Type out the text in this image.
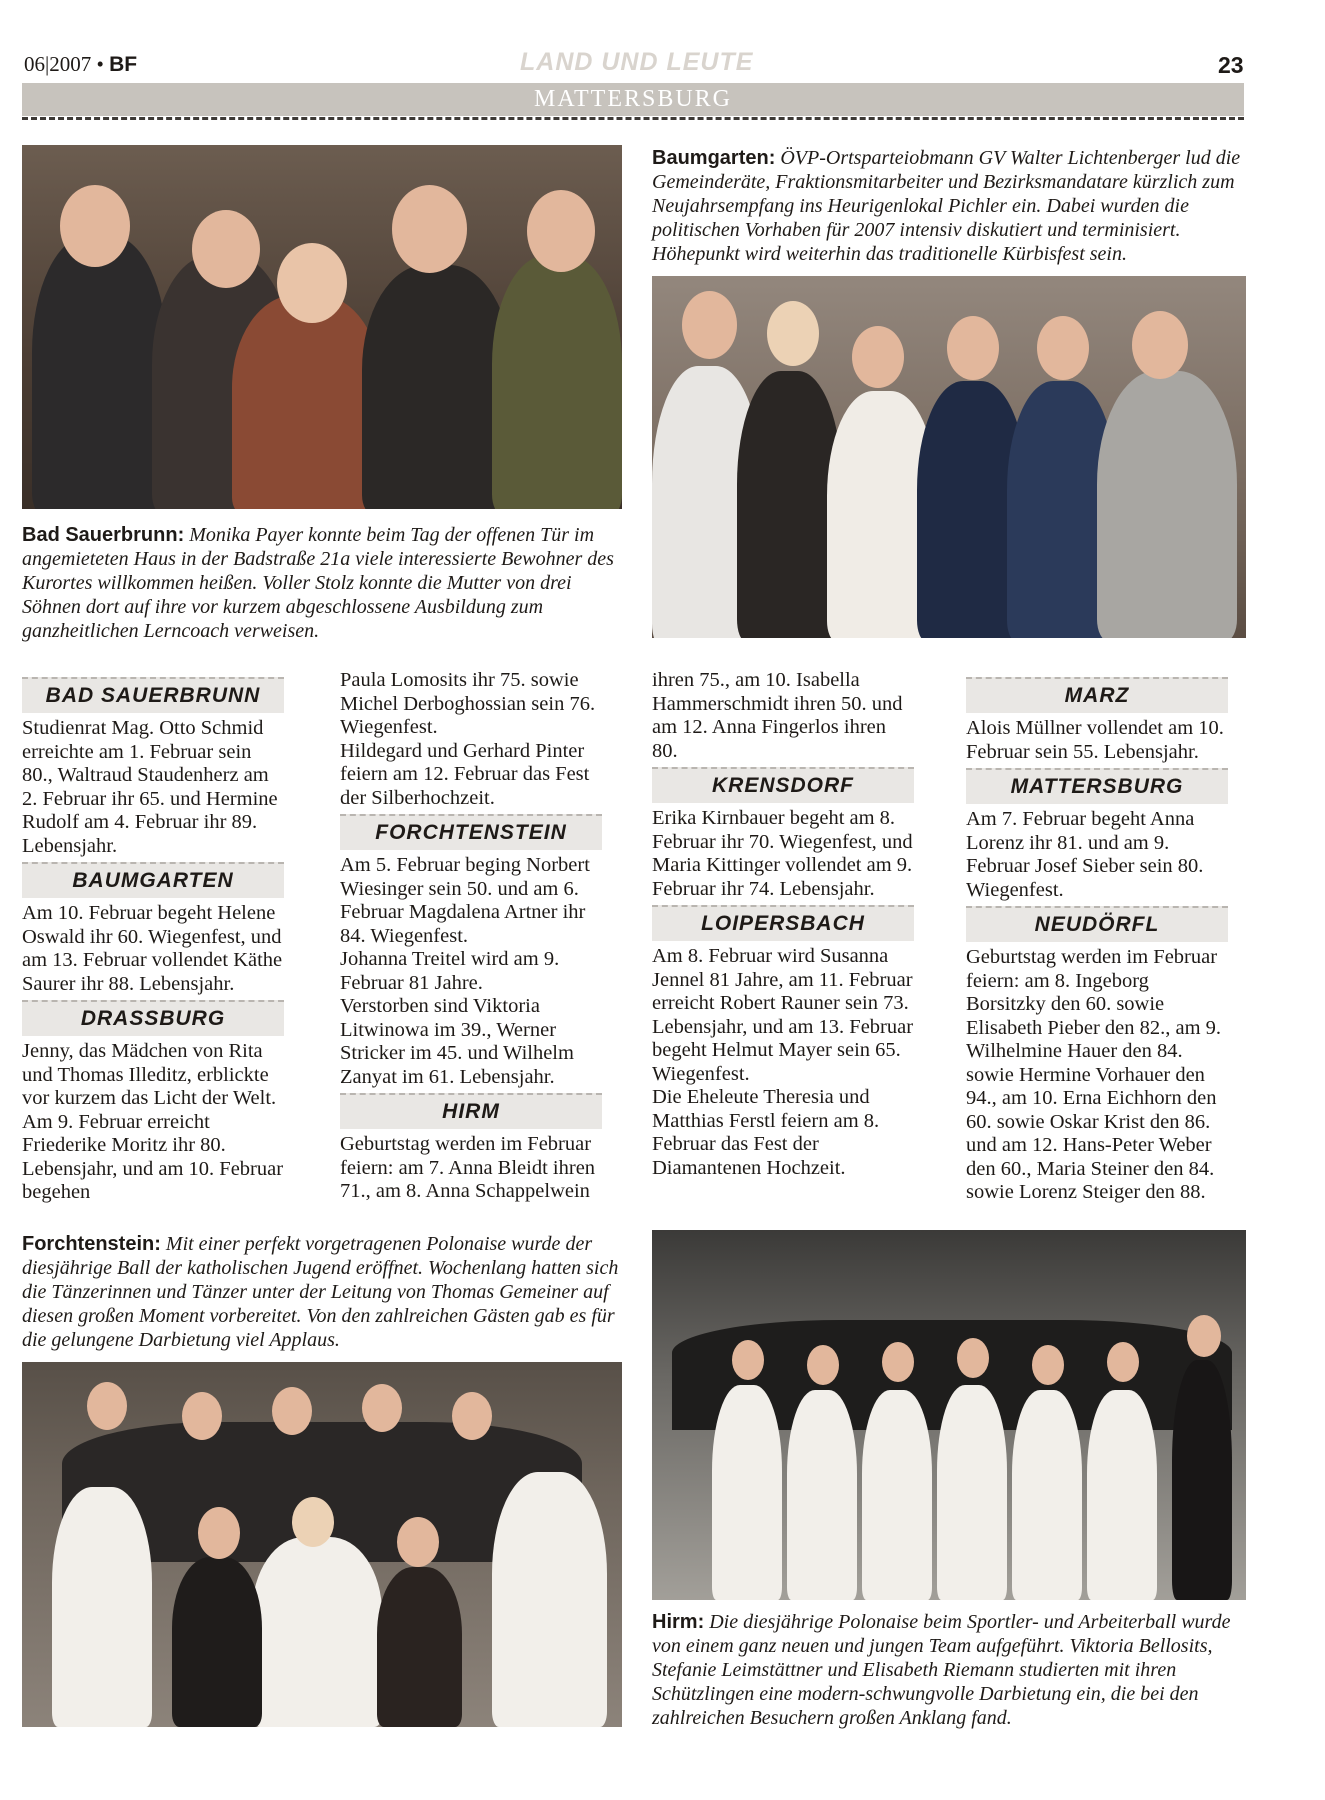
06|2007 • BF	LAND UND LEUTE	23
MATTERSBURG
Baumgarten: ÖVP-Ortsparteiobmann GV Walter Lichtenberger lud die Gemeinderäte, Fraktionsmitarbeiter und Bezirksmandatare kürzlich zum Neujahrsempfang ins Heurigenlokal Pichler ein. Dabei wurden die politischen Vorhaben für 2007 intensiv diskutiert und terminisiert. Höhepunkt wird weiterhin das traditionelle Kürbisfest sein.
Bad Sauerbrunn: Monika Payer konnte beim Tag der offenen Tür im angemieteten Haus in der Badstraße 21a viele interessierte Bewohner des Kurortes willkommen heißen. Voller Stolz konnte die Mutter von drei Söhnen dort auf ihre vor kurzem abgeschlossene Ausbildung zum ganzheitlichen Lerncoach verweisen.
BAD SAUERBRUNN

Studienrat Mag. Otto Schmid erreichte am 1. Februar sein 80., Waltraud Staudenherz am 2. Februar ihr 65. und Hermine Rudolf am 4. Februar ihr 89. Lebensjahr.

BAUMGARTEN

Am 10. Februar begeht Helene Oswald ihr 60. Wiegenfest, und am 13. Februar vollendet Käthe Saurer ihr 88. Lebensjahr.

DRASSBURG

Jenny, das Mädchen von Rita und Thomas Illeditz, erblickte vor kurzem das Licht der Welt. Am 9. Februar erreicht Friederike Moritz ihr 80. Lebensjahr, und am 10. Februar begehen

Paula Lomosits ihr 75. sowie Michel Derboghossian sein 76. Wiegenfest.

Hildegard und Gerhard Pinter feiern am 12. Februar das Fest der Silberhochzeit.

FORCHTENSTEIN

Am 5. Februar beging Norbert Wiesinger sein 50. und am 6. Februar Magdalena Artner ihr 84. Wiegenfest.

Johanna Treitel wird am 9. Februar 81 Jahre.

Verstorben sind Viktoria Litwinowa im 39., Werner Stricker im 45. und Wilhelm Zanyat im 61. Lebensjahr.

HIRM

Geburtstag werden im Februar feiern: am 7. Anna Bleidt ihren 71., am 8. Anna Schappelwein

ihren 75., am 10. Isabella Hammerschmidt ihren 50. und am 12. Anna Fingerlos ihren 80.

KRENSDORF

Erika Kirnbauer begeht am 8. Februar ihr 70. Wiegenfest, und Maria Kittinger vollendet am 9. Februar ihr 74. Lebensjahr.

LOIPERSBACH

Am 8. Februar wird Susanna Jennel 81 Jahre, am 11. Februar erreicht Robert Rauner sein 73. Lebensjahr, und am 13. Februar begeht Helmut Mayer sein 65. Wiegenfest.

Die Eheleute Theresia und Matthias Ferstl feiern am 8. Februar das Fest der Diamantenen Hochzeit.

MARZ

Alois Müllner vollendet am 10. Februar sein 55. Lebensjahr.

MATTERSBURG

Am 7. Februar begeht Anna Lorenz ihr 81. und am 9. Februar Josef Sieber sein 80. Wiegenfest.

NEUDÖRFL

Geburtstag werden im Februar feiern: am 8. Ingeborg Borsitzky den 60. sowie Elisabeth Pieber den 82., am 9. Wilhelmine Hauer den 84. sowie Hermine Vorhauer den 94., am 10. Erna Eichhorn den 60. sowie Oskar Krist den 86. und am 12. Hans-Peter Weber den 60., Maria Steiner den 84. sowie Lorenz Steiger den 88.

Forchtenstein: Mit einer perfekt vorgetragenen Polonaise wurde der diesjährige Ball der katholischen Jugend eröffnet. Wochenlang hatten sich die Tänzerinnen und Tänzer unter der Leitung von Thomas Gemeiner auf diesen großen Moment vorbereitet. Von den zahlreichen Gästen gab es für die gelungene Darbietung viel Applaus.
Hirm: Die diesjährige Polonaise beim Sportler- und Arbeiterball wurde von einem ganz neuen und jungen Team aufgeführt. Viktoria Bellosits, Stefanie Leimstättner und Elisabeth Riemann studierten mit ihren Schützlingen eine modern-schwungvolle Darbietung ein, die bei den zahlreichen Besuchern großen Anklang fand.
